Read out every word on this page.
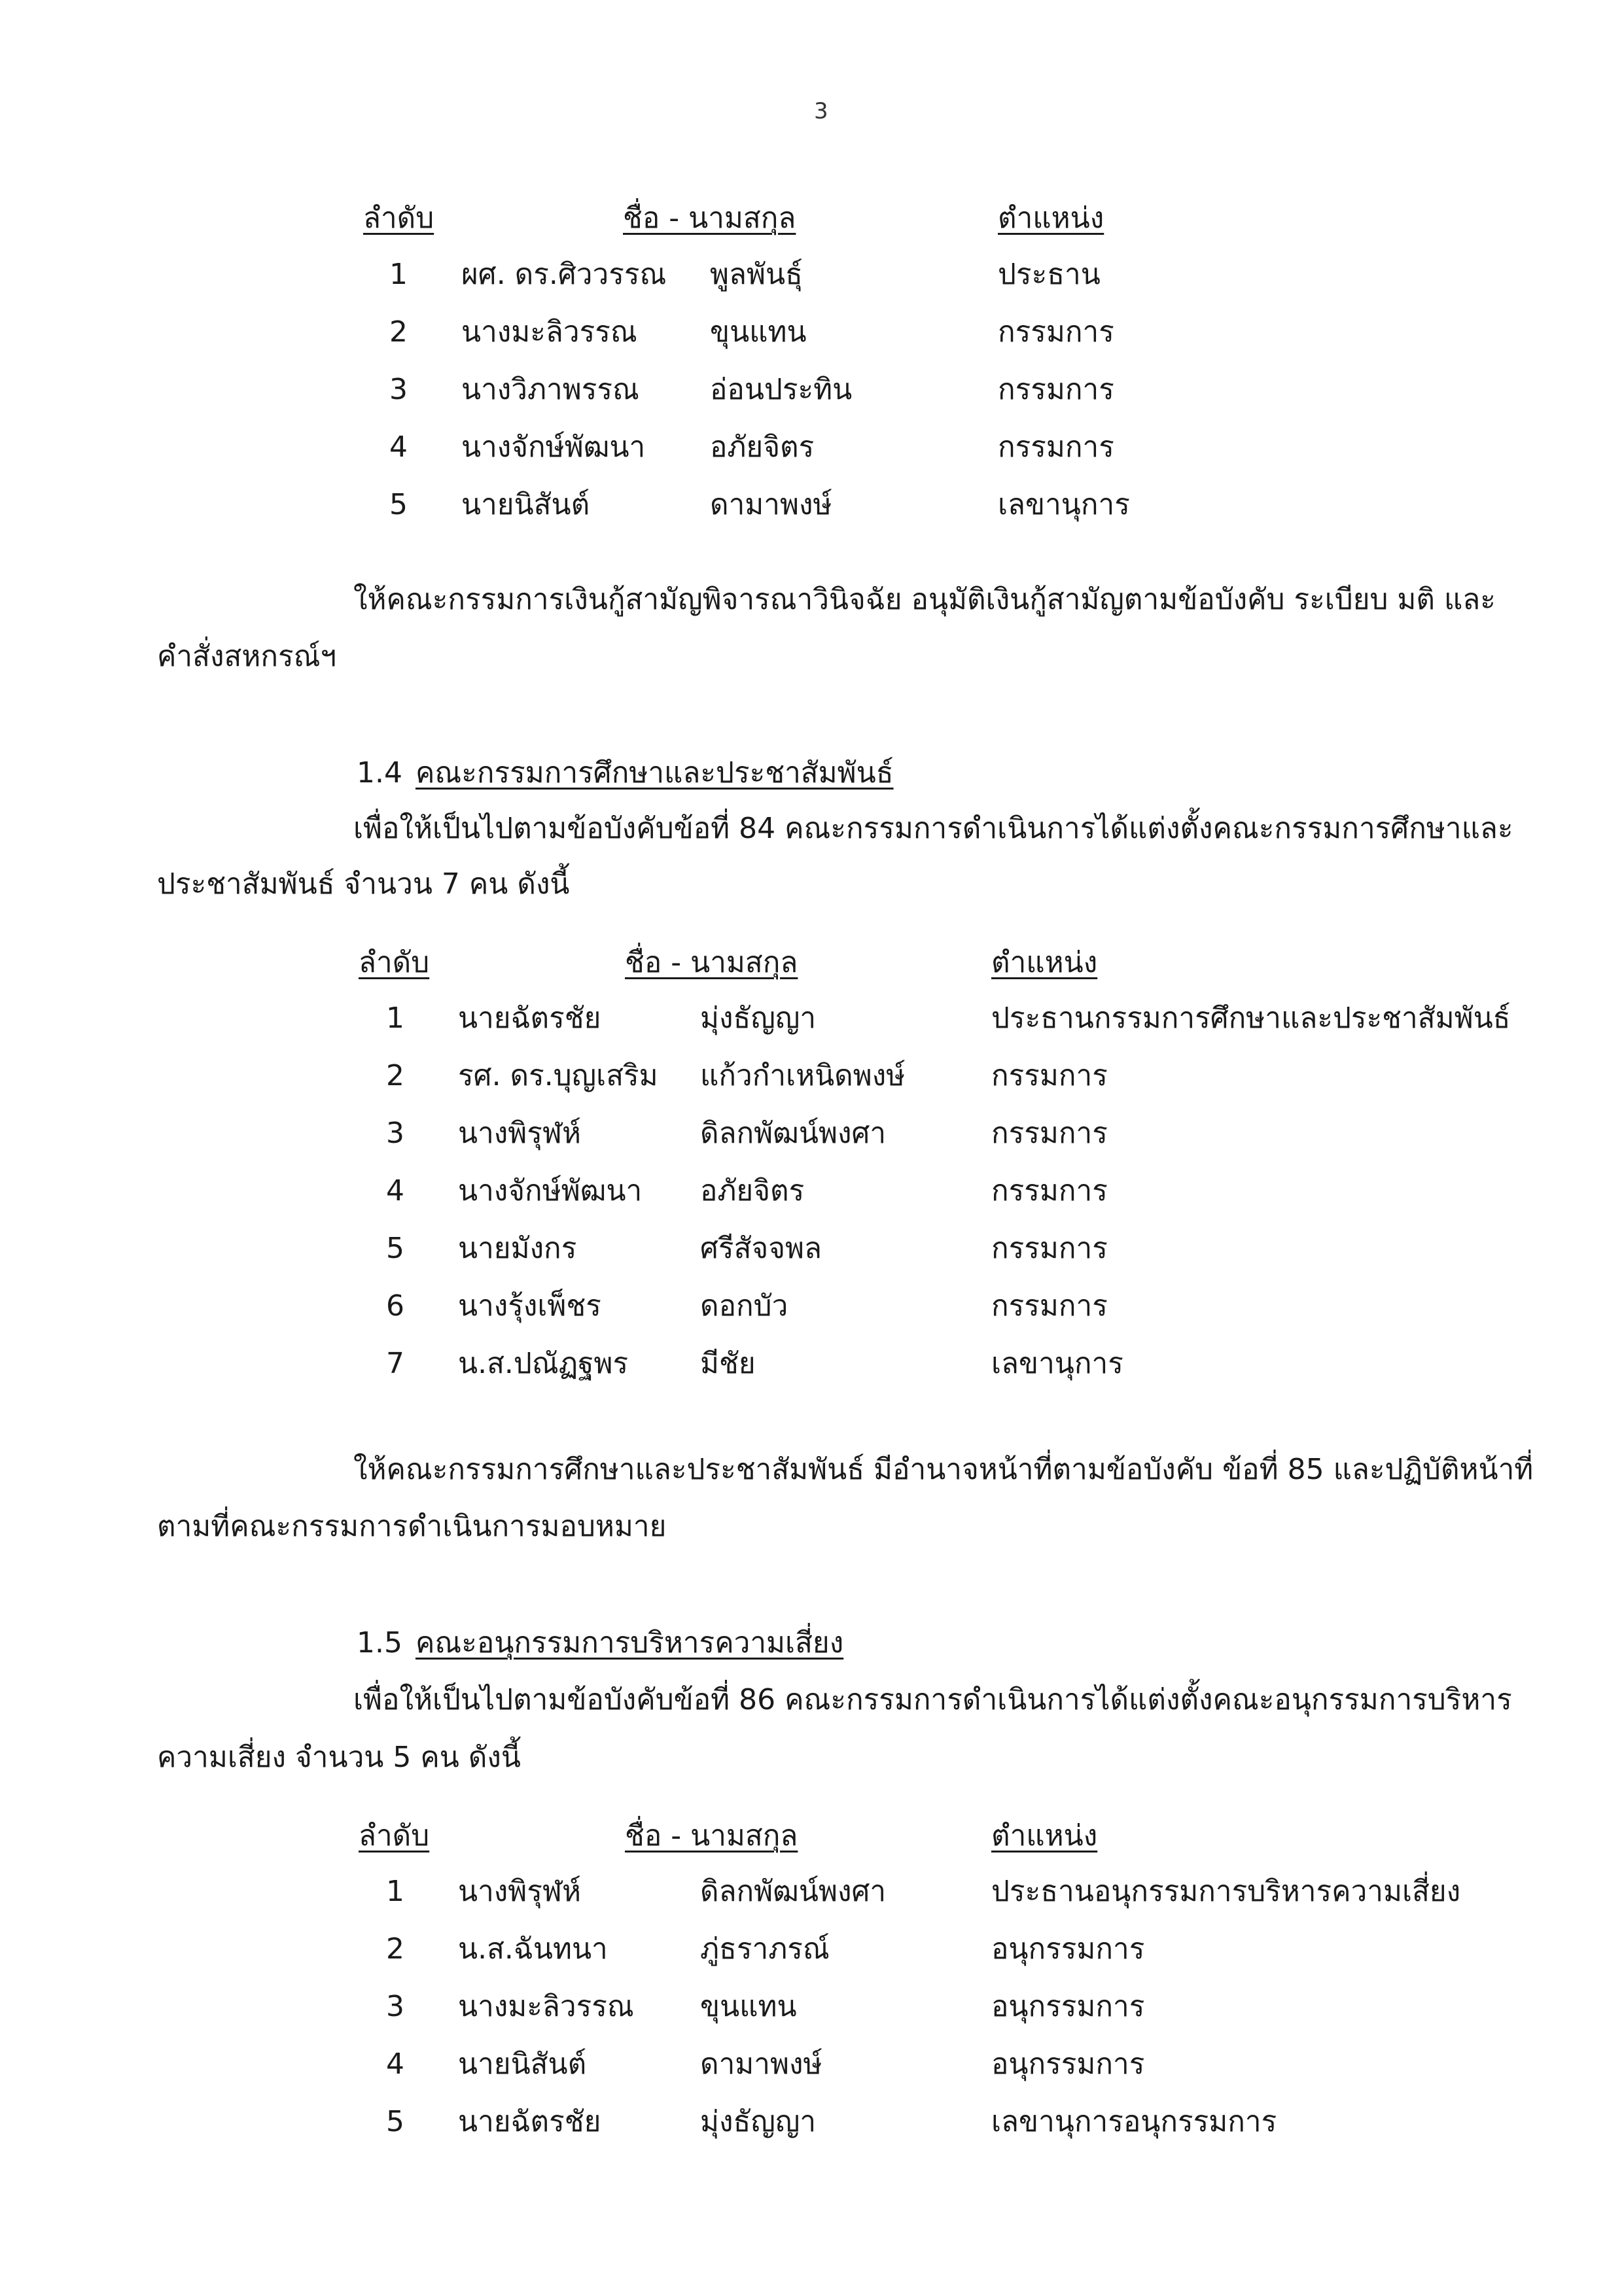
3
ลำดับ	ชื่อ - นามสกุล	ตำแหน่ง
1 ผศ. ดร.ศิววรรณ พูลพันธุ์	ประธาน
2 นางมะลิวรรณ	ขุนแทน	กรรมการ
3 นางวิภาพรรณ อ่อนประทิน	กรรมการ
4 นางจักษ์พัฒนา อภัยจิตร	กรรมการ
5 นายนิสันต์	ดามาพงษ์	เลขานุการ
ให้คณะกรรมการเงินกู้สามัญพิจารณาวินิจฉัย อนุมัติเงินกู้สามัญตามข้อบังคับ ระเบียบ มติ และ
คำสั่งสหกรณ์ฯ
1.4 คณะกรรมการศึกษาและประชาสัมพันธ์
เพื่อให้เป็นไปตามข้อบังคับข้อที่ 84 คณะกรรมการดำเนินการได้แต่งตั้งคณะกรรมการศึกษาและ
ประชาสัมพันธ์ จำนวน 7 คน ดังนี้
ลำดับ	ชื่อ - นามสกุล	ตำแหน่ง
1 นายฉัตรชัย	มุ่งธัญญา	ประธานกรรมการศึกษาและประชาสัมพันธ์
2 รศ. ดร.บุญเสริม แก้วกำเหนิดพงษ์	กรรมการ
3 นางพิรุฬห์	ดิลกพัฒน์พงศา	กรรมการ
4 นางจักษ์พัฒนา อภัยจิตร	กรรมการ
5 นายมังกร	ศรีสัจจพล	กรรมการ
6 นางรุ้งเพ็ชร	ดอกบัว	กรรมการ
7 น.ส.ปณัฏฐพร มีชัย	เลขานุการ
ให้คณะกรรมการศึกษาและประชาสัมพันธ์ มีอำนาจหน้าที่ตามข้อบังคับ ข้อที่ 85 และปฏิบัติหน้าที่
ตามที่คณะกรรมการดำเนินการมอบหมาย
1.5 คณะอนุกรรมการบริหารความเสี่ยง
เพื่อให้เป็นไปตามข้อบังคับข้อที่ 86 คณะกรรมการดำเนินการได้แต่งตั้งคณะอนุกรรมการบริหาร
ความเสี่ยง จำนวน 5 คน ดังนี้
ลำดับ	ชื่อ - นามสกุล	ตำแหน่ง
1 นางพิรุฬห์	ดิลกพัฒน์พงศา	ประธานอนุกรรมการบริหารความเสี่ยง
2 น.ส.ฉันทนา	ภู่ธราภรณ์	อนุกรรมการ
3 นางมะลิวรรณ ขุนแทน	อนุกรรมการ
4 นายนิสันต์	ดามาพงษ์	อนุกรรมการ
5 นายฉัตรชัย	มุ่งธัญญา	เลขานุการอนุกรรมการ
